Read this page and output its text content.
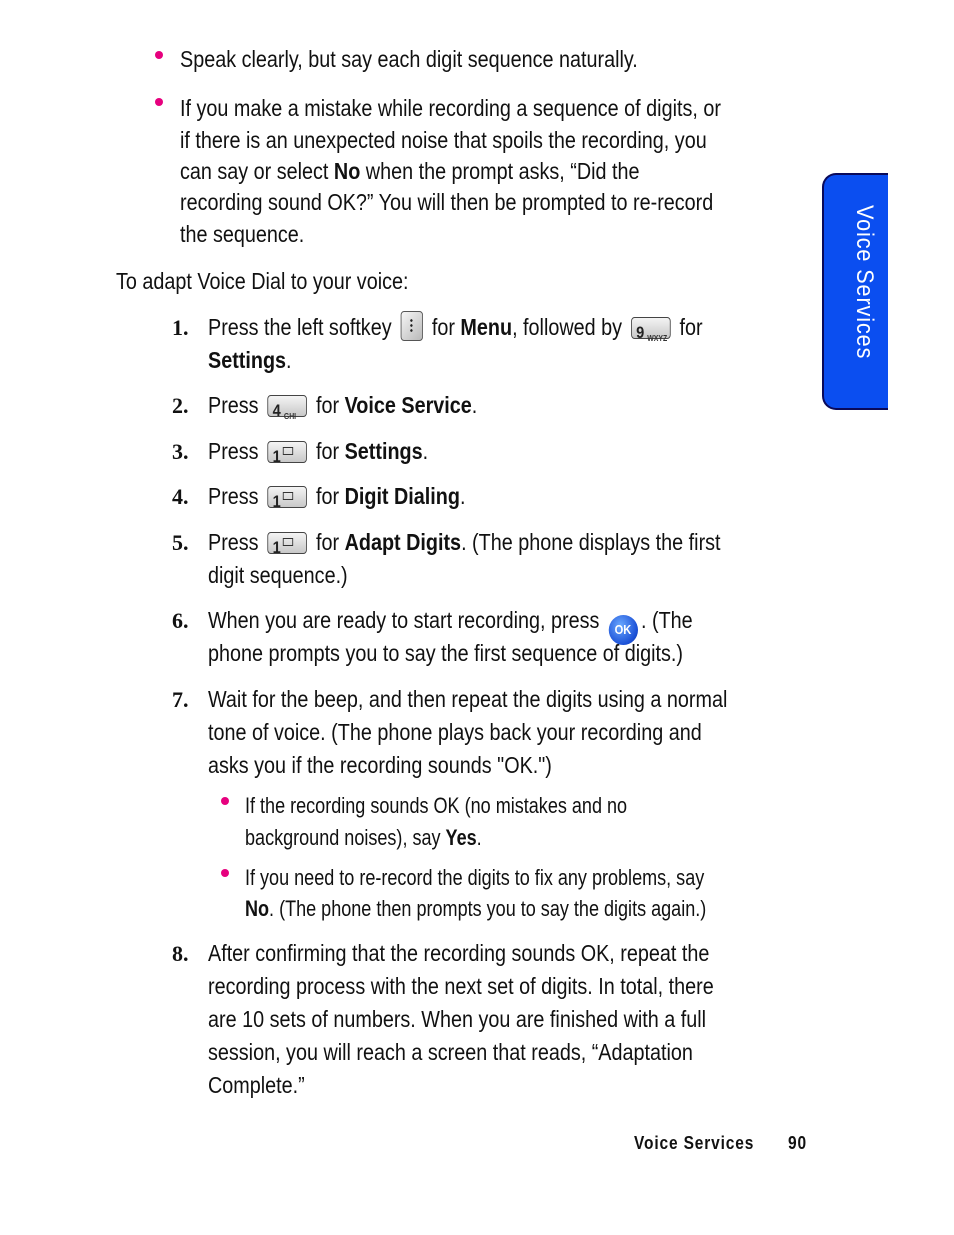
Speak clearly, but say each digit sequence naturally.
If you make a mistake while recording a sequence of digits, or
if there is an unexpected noise that spoils the recording, you
can say or select No when the prompt asks, “Did the
recording sound OK?” You will then be prompted to re-record
the sequence.
To adapt Voice Dial to your voice:
1. Press the left softkey for Menu, followed by 9 WXYZ for
Settings.
2. Press 4 GHI for Voice Service.
3. Press 1 for Settings.
4. Press 1 for Digit Dialing.
5. Press 1 for Adapt Digits. (The phone displays the first
digit sequence.)
6. When you are ready to start recording, press OK . (The
phone prompts you to say the first sequence of digits.)
7. Wait for the beep, and then repeat the digits using a normal
tone of voice. (The phone plays back your recording and
asks you if the recording sounds "OK.")
If the recording sounds OK (no mistakes and no
background noises), say Yes.
If you need to re-record the digits to fix any problems, say
No. (The phone then prompts you to say the digits again.)
8. After confirming that the recording sounds OK, repeat the
recording process with the next set of digits. In total, there
are 10 sets of numbers. When you are finished with a full
session, you will reach a screen that reads, “Adaptation
Complete.”
Voice Services
Voice Services 90
